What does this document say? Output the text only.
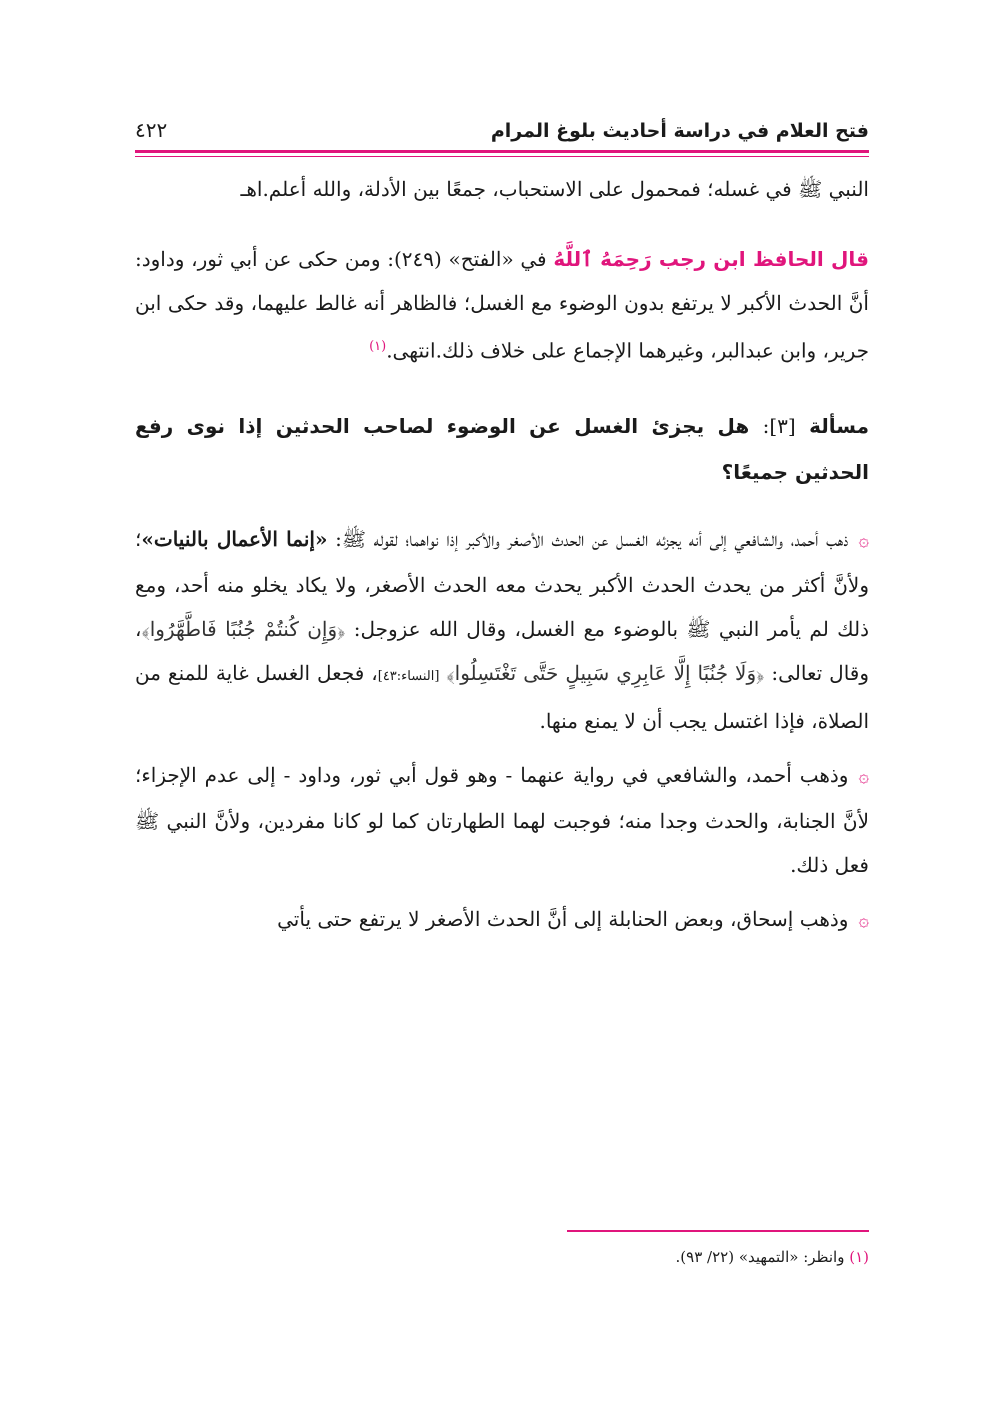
فتح العلام في دراسة أحاديث بلوغ المرام
٤٢٢

النبي ﷺ في غسله؛ فمحمول على الاستحباب، جمعًا بين الأدلة، والله أعلم.اهـ

قال الحافظ ابن رجب رَحِمَهُ ٱللَّهُ في «الفتح» (٢٤٩): ومن حكى عن أبي ثور، وداود: أنَّ الحدث الأكبر لا يرتفع بدون الوضوء مع الغسل؛ فالظاهر أنه غالط عليهما، وقد حكى ابن جرير، وابن عبدالبر، وغيرهما الإجماع على خلاف ذلك.انتهى.$^{(١)}$

مسألة [٣]: هل يجزئ الغسل عن الوضوء لصاحب الحدثين إذا نوى رفع الحدثين جميعًا؟

۞ذهب أحمد، والشافعي إلى أنه يجزئه الغسل عن الحدث الأصغر والأكبر إذا نواهما؛ لقوله ﷺ: «إنما الأعمال بالنيات»؛ ولأنَّ أكثر من يحدث الحدث الأكبر يحدث معه الحدث الأصغر، ولا يكاد يخلو منه أحد، ومع ذلك لم يأمر النبي ﷺ بالوضوء مع الغسل، وقال الله عزوجل: ﴿وَإِن كُنتُمْ جُنُبًا فَاطَّهَّرُوا﴾، وقال تعالى: ﴿وَلَا جُنُبًا إِلَّا عَابِرِي سَبِيلٍ حَتَّى تَغْتَسِلُوا﴾ [النساء:٤٣]، فجعل الغسل غاية للمنع من الصلاة، فإذا اغتسل يجب أن لا يمنع منها.

۞وذهب أحمد، والشافعي في رواية عنهما - وهو قول أبي ثور، وداود - إلى عدم الإجزاء؛ لأنَّ الجنابة، والحدث وجدا منه؛ فوجبت لهما الطهارتان كما لو كانا مفردين، ولأنَّ النبي ﷺ فعل ذلك.

۞وذهب إسحاق، وبعض الحنابلة إلى أنَّ الحدث الأصغر لا يرتفع حتى يأتي

(١) وانظر: «التمهيد» (٢٢/ ٩٣).
